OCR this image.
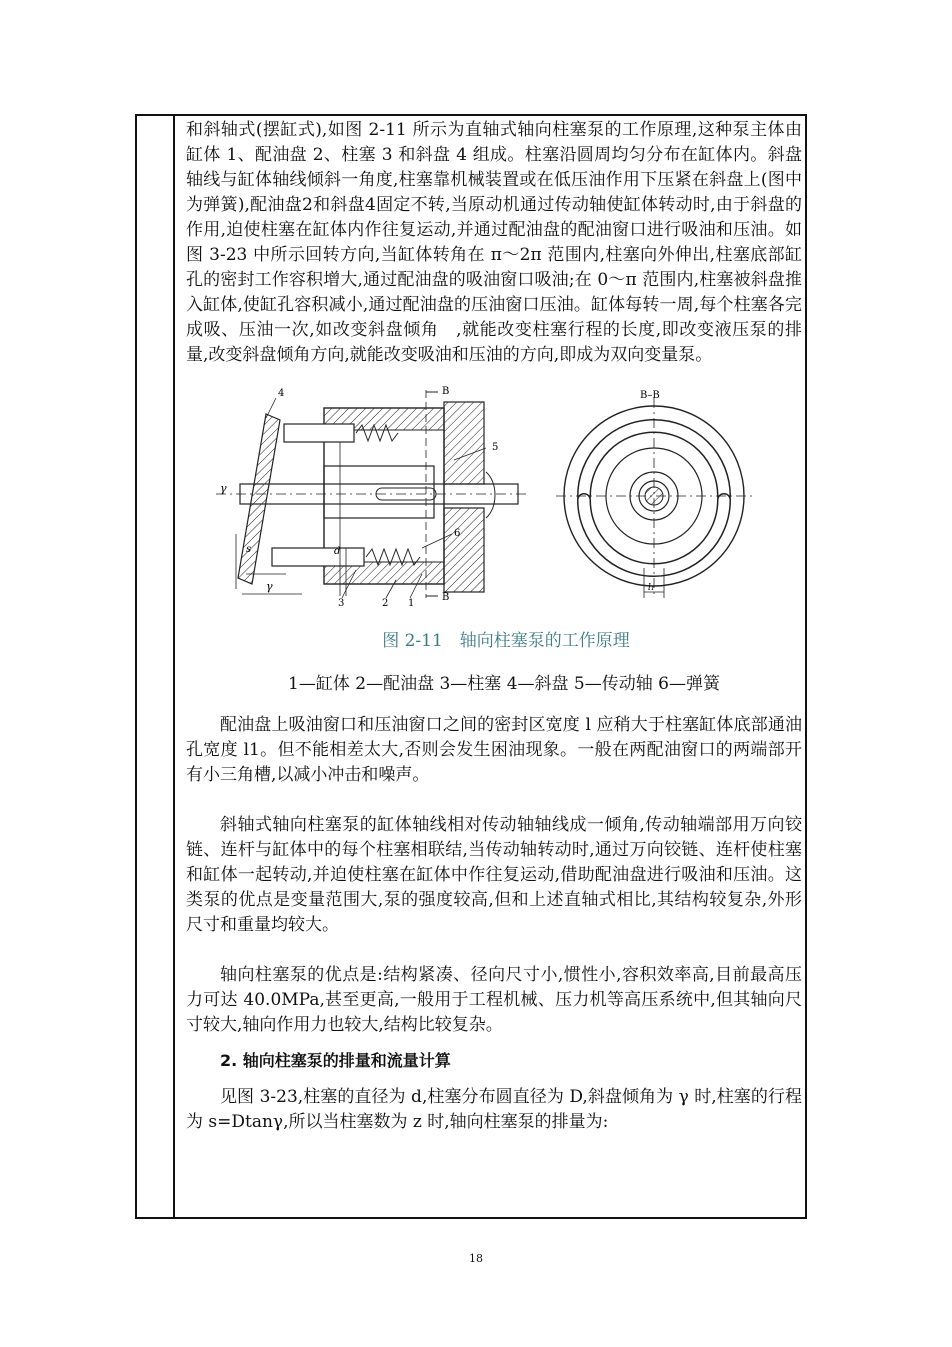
和斜轴式(摆缸式),如图 2-11 所示为直轴式轴向柱塞泵的工作原理,这种泵主体由缸体 1、配油盘 2、柱塞 3 和斜盘 4 组成。柱塞沿圆周均匀分布在缸体内。斜盘轴线与缸体轴线倾斜一角度,柱塞靠机械装置或在低压油作用下压紧在斜盘上(图中为弹簧),配油盘2和斜盘4固定不转,当原动机通过传动轴使缸体转动时,由于斜盘的作用,迫使柱塞在缸体内作往复运动,并通过配油盘的配油窗口进行吸油和压油。如图 3-23 中所示回转方向,当缸体转角在 π～2π 范围内,柱塞向外伸出,柱塞底部缸孔的密封工作容积增大,通过配油盘的吸油窗口吸油;在 0～π 范围内,柱塞被斜盘推入缸体,使缸孔容积减小,通过配油盘的压油窗口压油。缸体每转一周,每个柱塞各完成吸、压油一次,如改变斜盘倾角　,就能改变柱塞行程的长度,即改变液压泵的排量,改变斜盘倾角方向,就能改变吸油和压油的方向,即成为双向变量泵。

4
5
6
3	2 1
B
B
γ
γ
s	d
B–B
l₁
图 2-11　轴向柱塞泵的工作原理
1—缸体 2—配油盘 3—柱塞 4—斜盘 5—传动轴 6—弹簧

配油盘上吸油窗口和压油窗口之间的密封区宽度 l 应稍大于柱塞缸体底部通油孔宽度 l1。但不能相差太大,否则会发生困油现象。一般在两配油窗口的两端部开有小三角槽,以减小冲击和噪声。

斜轴式轴向柱塞泵的缸体轴线相对传动轴轴线成一倾角,传动轴端部用万向铰链、连杆与缸体中的每个柱塞相联结,当传动轴转动时,通过万向铰链、连杆使柱塞和缸体一起转动,并迫使柱塞在缸体中作往复运动,借助配油盘进行吸油和压油。这类泵的优点是变量范围大,泵的强度较高,但和上述直轴式相比,其结构较复杂,外形尺寸和重量均较大。

轴向柱塞泵的优点是:结构紧凑、径向尺寸小,惯性小,容积效率高,目前最高压力可达 40.0MPa,甚至更高,一般用于工程机械、压力机等高压系统中,但其轴向尺寸较大,轴向作用力也较大,结构比较复杂。

2. 轴向柱塞泵的排量和流量计算

见图 3-23,柱塞的直径为 d,柱塞分布圆直径为 D,斜盘倾角为 γ 时,柱塞的行程为 s=Dtanγ,所以当柱塞数为 z 时,轴向柱塞泵的排量为:

18
